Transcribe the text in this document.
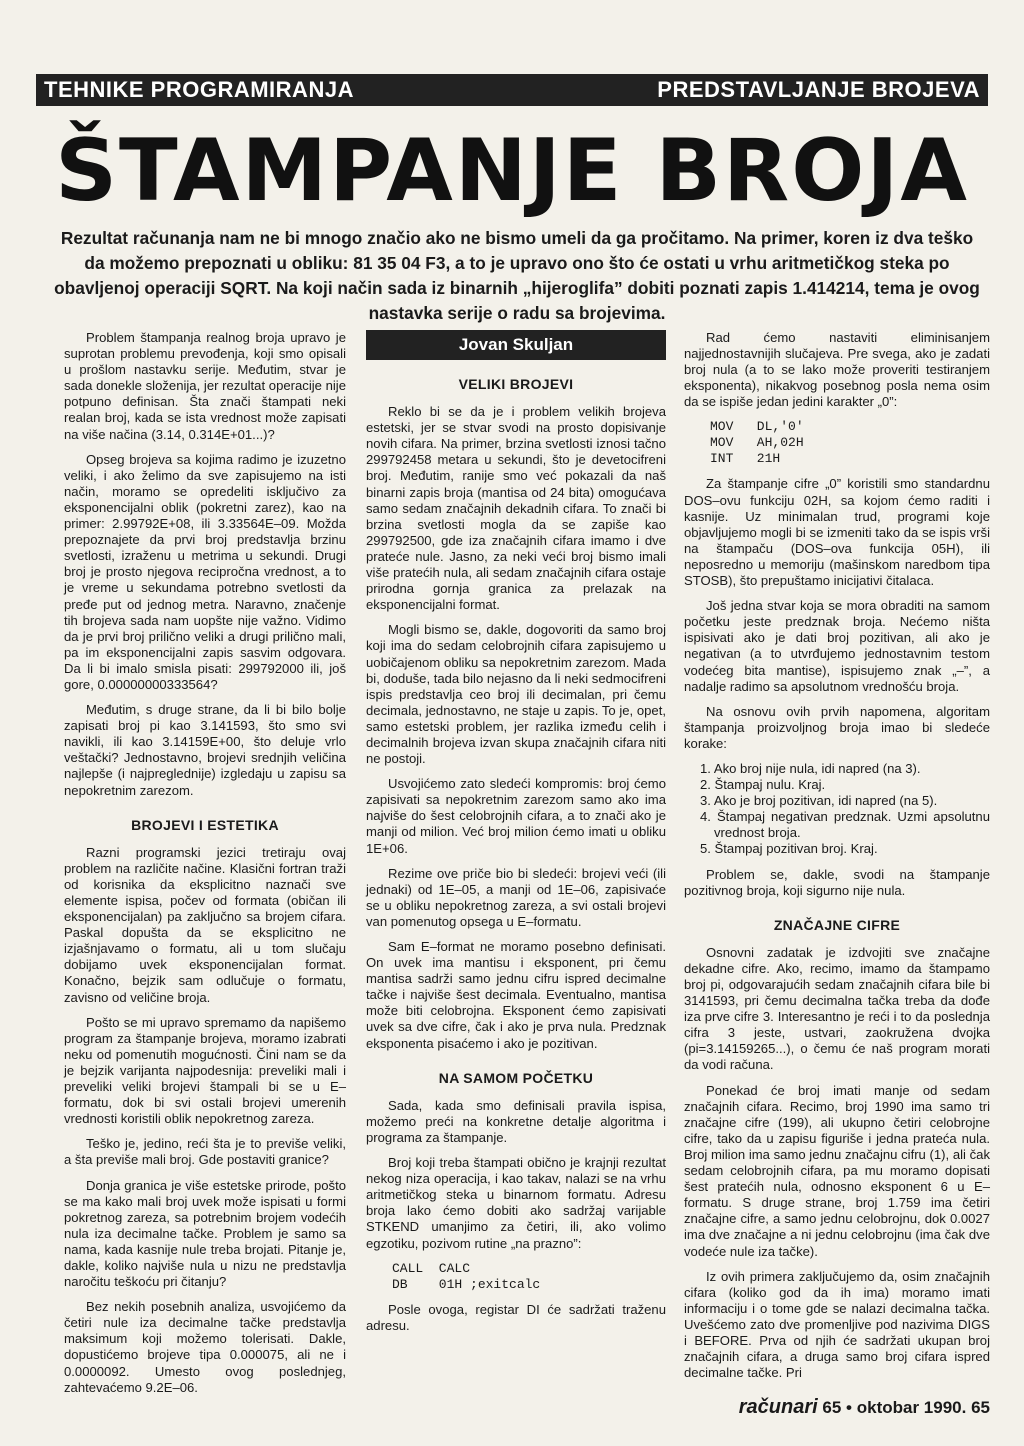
TEHNIKE PROGRAMIRANJA	PREDSTAVLJANJE BROJEVA
ŠTAMPANJE BROJA
Rezultat računanja nam ne bi mnogo značio ako ne bismo umeli da ga pročitamo. Na primer, koren iz dva teško da možemo prepoznati u obliku: 81 35 04 F3, a to je upravo ono što će ostati u vrhu aritmetičkog steka po obavljenoj operaciji SQRT. Na koji način sada iz binarnih „hijeroglifa” dobiti poznati zapis 1.414214, tema je ovog nastavka serije o radu sa brojevima.

Problem štampanja realnog broja upravo je suprotan problemu prevođenja, koji smo opisali u prošlom nastavku serije. Međutim, stvar je sada donekle složenija, jer rezultat operacije nije potpuno definisan. Šta znači štampati neki realan broj, kada se ista vrednost može zapisati na više načina (3.14, 0.314E+01...)?

Opseg brojeva sa kojima radimo je izuzetno veliki, i ako želimo da sve zapisujemo na isti način, moramo se opredeliti isključivo za eksponencijalni oblik (pokretni zarez), kao na primer: 2.99792E+08, ili 3.33564E–09. Možda prepoznajete da prvi broj predstavlja brzinu svetlosti, izraženu u metrima u sekundi. Drugi broj je prosto njegova recipročna vrednost, a to je vreme u sekundama potrebno svetlosti da pređe put od jednog metra. Naravno, značenje tih brojeva sada nam uopšte nije važno. Vidimo da je prvi broj prilično veliki a drugi prilično mali, pa im eksponencijalni zapis sasvim odgovara. Da li bi imalo smisla pisati: 299792000 ili, još gore, 0.00000000333564?

Međutim, s druge strane, da li bi bilo bolje zapisati broj pi kao 3.141593, što smo svi navikli, ili kao 3.14159E+00, što deluje vrlo veštački? Jednostavno, brojevi srednjih veličina najlepše (i najpreglednije) izgledaju u zapisu sa nepokretnim zarezom.

BROJEVI I ESTETIKA

Razni programski jezici tretiraju ovaj problem na različite načine. Klasični fortran traži od korisnika da eksplicitno naznači sve elemente ispisa, počev od formata (običan ili eksponencijalan) pa zaključno sa brojem cifara. Paskal dopušta da se eksplicitno ne izjašnjavamo o formatu, ali u tom slučaju dobijamo uvek eksponencijalan format. Konačno, bejzik sam odlučuje o formatu, zavisno od veličine broja.

Pošto se mi upravo spremamo da napišemo program za štampanje brojeva, moramo izabrati neku od pomenutih mogućnosti. Čini nam se da je bejzik varijanta najpodesnija: preveliki mali i preveliki veliki brojevi štampali bi se u E–formatu, dok bi svi ostali brojevi umerenih vrednosti koristili oblik nepokretnog zareza.

Teško je, jedino, reći šta je to previše veliki, a šta previše mali broj. Gde postaviti granice?

Donja granica je više estetske prirode, pošto se ma kako mali broj uvek može ispisati u formi pokretnog zareza, sa potrebnim brojem vodećih nula iza decimalne tačke. Problem je samo sa nama, kada kasnije nule treba brojati. Pitanje je, dakle, koliko najviše nula u nizu ne predstavlja naročitu teškoću pri čitanju?

Bez nekih posebnih analiza, usvojićemo da četiri nule iza decimalne tačke predstavlja maksimum koji možemo tolerisati. Dakle, dopustićemo brojeve tipa 0.000075, ali ne i 0.0000092. Umesto ovog poslednjeg, zahtevaćemo 9.2E–06.

Jovan Skuljan
VELIKI BROJEVI

Reklo bi se da je i problem velikih brojeva estetski, jer se stvar svodi na prosto dopisivanje novih cifara. Na primer, brzina svetlosti iznosi tačno 299792458 metara u sekundi, što je devetocifreni broj. Međutim, ranije smo već pokazali da naš binarni zapis broja (mantisa od 24 bita) omogućava samo sedam značajnih dekadnih cifara. To znači bi brzina svetlosti mogla da se zapiše kao 299792500, gde iza značajnih cifara imamo i dve prateće nule. Jasno, za neki veći broj bismo imali više pratećih nula, ali sedam značajnih cifara ostaje prirodna gornja granica za prelazak na eksponencijalni format.

Mogli bismo se, dakle, dogovoriti da samo broj koji ima do sedam celobrojnih cifara zapisujemo u uobičajenom obliku sa nepokretnim zarezom. Mada bi, doduše, tada bilo nejasno da li neki sedmocifreni ispis predstavlja ceo broj ili decimalan, pri čemu decimala, jednostavno, ne staje u zapis. To je, opet, samo estetski problem, jer razlika između celih i decimalnih brojeva izvan skupa značajnih cifara niti ne postoji.

Usvojićemo zato sledeći kompromis: broj ćemo zapisivati sa nepokretnim zarezom samo ako ima najviše do šest celobrojnih cifara, a to znači ako je manji od milion. Već broj milion ćemo imati u obliku 1E+06.

Rezime ove priče bio bi sledeći: brojevi veći (ili jednaki) od 1E–05, a manji od 1E–06, zapisivaće se u obliku nepokretnog zareza, a svi ostali brojevi van pomenutog opsega u E–formatu.

Sam E–format ne moramo posebno definisati. On uvek ima mantisu i eksponent, pri čemu mantisa sadrži samo jednu cifru ispred decimalne tačke i najviše šest decimala. Eventualno, mantisa može biti celobrojna. Eksponent ćemo zapisivati uvek sa dve cifre, čak i ako je prva nula. Predznak eksponenta pisaćemo i ako je pozitivan.

NA SAMOM POČETKU

Sada, kada smo definisali pravila ispisa, možemo preći na konkretne detalje algoritma i programa za štampanje.

Broj koji treba štampati obično je krajnji rezultat nekog niza operacija, i kao takav, nalazi se na vrhu aritmetičkog steka u binarnom formatu. Adresu broja lako ćemo dobiti ako sadržaj varijable STKEND umanjimo za četiri, ili, ako volimo egzotiku, pozivom rutine „na prazno”:

CALL  CALC
DB    01H ;exitcalc

Posle ovoga, registar DI će sadržati traženu adresu.

Rad ćemo nastaviti eliminisanjem najjednostavnijih slučajeva. Pre svega, ako je zadati broj nula (a to se lako može proveriti testiranjem eksponenta), nikakvog posebnog posla nema osim da se ispiše jedan jedini karakter „0”:

MOV   DL,'0'
MOV   AH,02H
INT   21H

Za štampanje cifre „0” koristili smo standardnu DOS–ovu funkciju 02H, sa kojom ćemo raditi i kasnije. Uz minimalan trud, programi koje objavljujemo mogli bi se izmeniti tako da se ispis vrši na štampaču (DOS–ova funkcija 05H), ili neposredno u memoriju (mašinskom naredbom tipa STOSB), što prepuštamo inicijativi čitalaca.

Još jedna stvar koja se mora obraditi na samom početku jeste predznak broja. Nećemo ništa ispisivati ako je dati broj pozitivan, ali ako je negativan (a to utvrđujemo jednostavnim testom vodećeg bita mantise), ispisujemo znak „–”, a nadalje radimo sa apsolutnom vrednošću broja.

Na osnovu ovih prvih napomena, algoritam štampanja proizvoljnog broja imao bi sledeće korake:

1. Ako broj nije nula, idi napred (na 3).
2. Štampaj nulu. Kraj.
3. Ako je broj pozitivan, idi napred (na 5).
4. Štampaj negativan predznak. Uzmi apsolutnu vrednost broja.
5. Štampaj pozitivan broj. Kraj.

Problem se, dakle, svodi na štampanje pozitivnog broja, koji sigurno nije nula.

ZNAČAJNE CIFRE

Osnovni zadatak je izdvojiti sve značajne dekadne cifre. Ako, recimo, imamo da štampamo broj pi, odgovarajućih sedam značajnih cifara bile bi 3141593, pri čemu decimalna tačka treba da dođe iza prve cifre 3. Interesantno je reći i to da poslednja cifra 3 jeste, ustvari, zaokružena dvojka (pi=3.14159265...), o čemu će naš program morati da vodi računa.

Ponekad će broj imati manje od sedam značajnih cifara. Recimo, broj 1990 ima samo tri značajne cifre (199), ali ukupno četiri celobrojne cifre, tako da u zapisu figuriše i jedna prateća nula. Broj milion ima samo jednu značajnu cifru (1), ali čak sedam celobrojnih cifara, pa mu moramo dopisati šest pratećih nula, odnosno eksponent 6 u E–formatu. S druge strane, broj 1.759 ima četiri značajne cifre, a samo jednu celobrojnu, dok 0.0027 ima dve značajne a ni jednu celobrojnu (ima čak dve vodeće nule iza tačke).

Iz ovih primera zaključujemo da, osim značajnih cifara (koliko god da ih ima) moramo imati informaciju i o tome gde se nalazi decimalna tačka. Uvešćemo zato dve promenljive pod nazivima DIGS i BEFORE. Prva od njih će sadržati ukupan broj značajnih cifara, a druga samo broj cifara ispred decimalne tačke. Pri

računari 65 • oktobar 1990. 65
